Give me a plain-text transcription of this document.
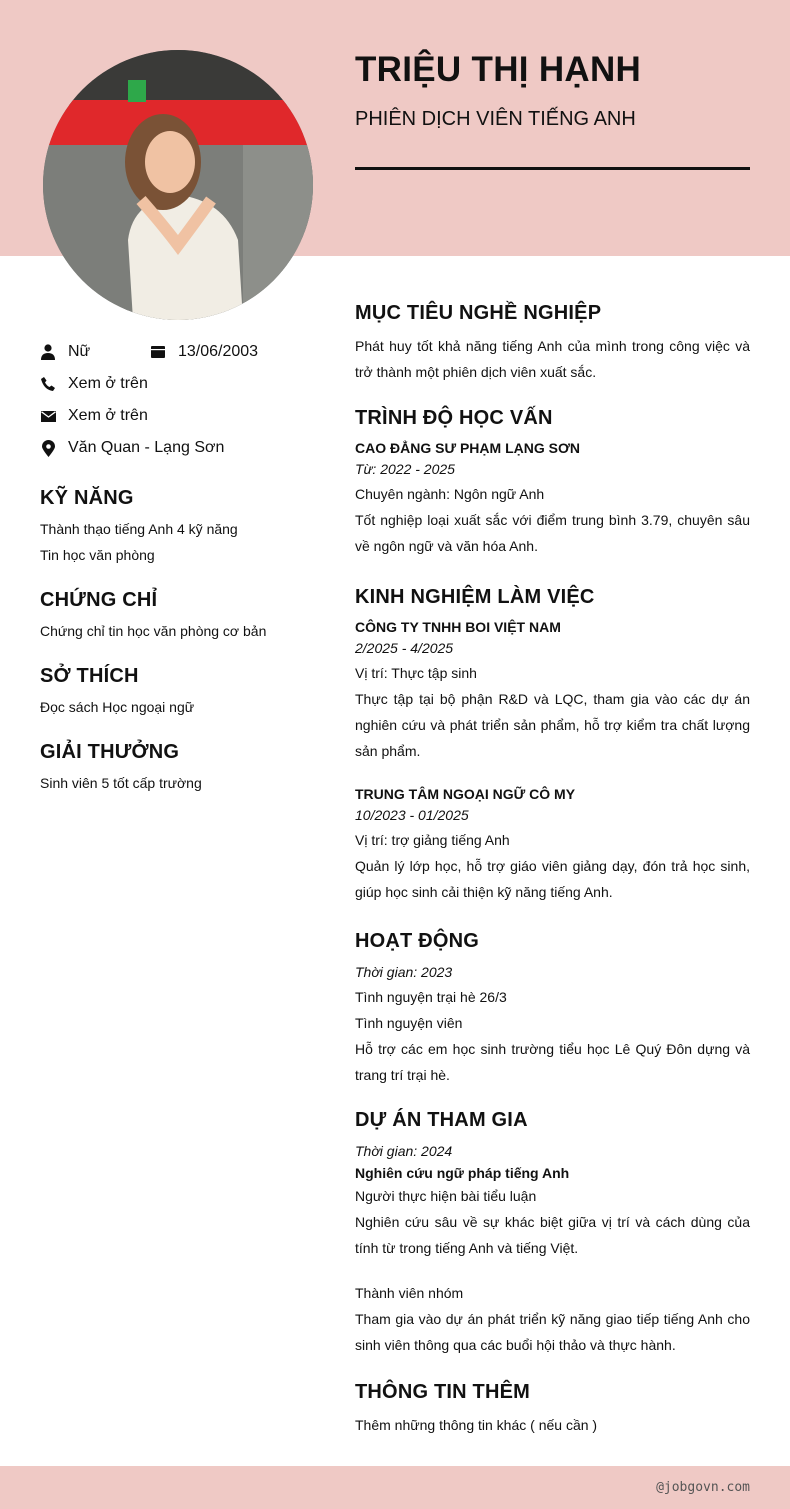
TRIỆU THỊ HẠNH
PHIÊN DỊCH VIÊN TIẾNG ANH
Nữ	13/06/2003
Xem ở trên
Xem ở trên
Văn Quan - Lạng Sơn
KỸ NĂNG
Thành thạo tiếng Anh 4 kỹ năng
Tin học văn phòng
CHỨNG CHỈ
Chứng chỉ tin học văn phòng cơ bản
SỞ THÍCH
Đọc sách Học ngoại ngữ
GIẢI THƯỞNG
Sinh viên 5 tốt cấp trường
MỤC TIÊU NGHỀ NGHIỆP

Phát huy tốt khả năng tiếng Anh của mình trong công việc và trở thành một phiên dịch viên xuất sắc.

TRÌNH ĐỘ HỌC VẤN
CAO ĐẲNG SƯ PHẠM LẠNG SƠN
Từ: 2022 - 2025
Chuyên ngành: Ngôn ngữ Anh

Tốt nghiệp loại xuất sắc với điểm trung bình 3.79, chuyên sâu về ngôn ngữ và văn hóa Anh.

KINH NGHIỆM LÀM VIỆC
CÔNG TY TNHH BOI VIỆT NAM
2/2025 - 4/2025
Vị trí: Thực tập sinh

Thực tập tại bộ phận R&D và LQC, tham gia vào các dự án nghiên cứu và phát triển sản phẩm, hỗ trợ kiểm tra chất lượng sản phẩm.

TRUNG TÂM NGOẠI NGỮ CÔ MY
10/2023 - 01/2025
Vị trí: trợ giảng tiếng Anh

Quản lý lớp học, hỗ trợ giáo viên giảng dạy, đón trả học sinh, giúp học sinh cải thiện kỹ năng tiếng Anh.

HOẠT ĐỘNG
Thời gian: 2023
Tình nguyện trại hè 26/3
Tình nguyện viên

Hỗ trợ các em học sinh trường tiểu học Lê Quý Đôn dựng và trang trí trại hè.

DỰ ÁN THAM GIA
Thời gian: 2024
Nghiên cứu ngữ pháp tiếng Anh
Người thực hiện bài tiểu luận

Nghiên cứu sâu về sự khác biệt giữa vị trí và cách dùng của tính từ trong tiếng Anh và tiếng Việt.

Thành viên nhóm

Tham gia vào dự án phát triển kỹ năng giao tiếp tiếng Anh cho sinh viên thông qua các buổi hội thảo và thực hành.

THÔNG TIN THÊM
Thêm những thông tin khác ( nếu cần )
@jobgovn.com
